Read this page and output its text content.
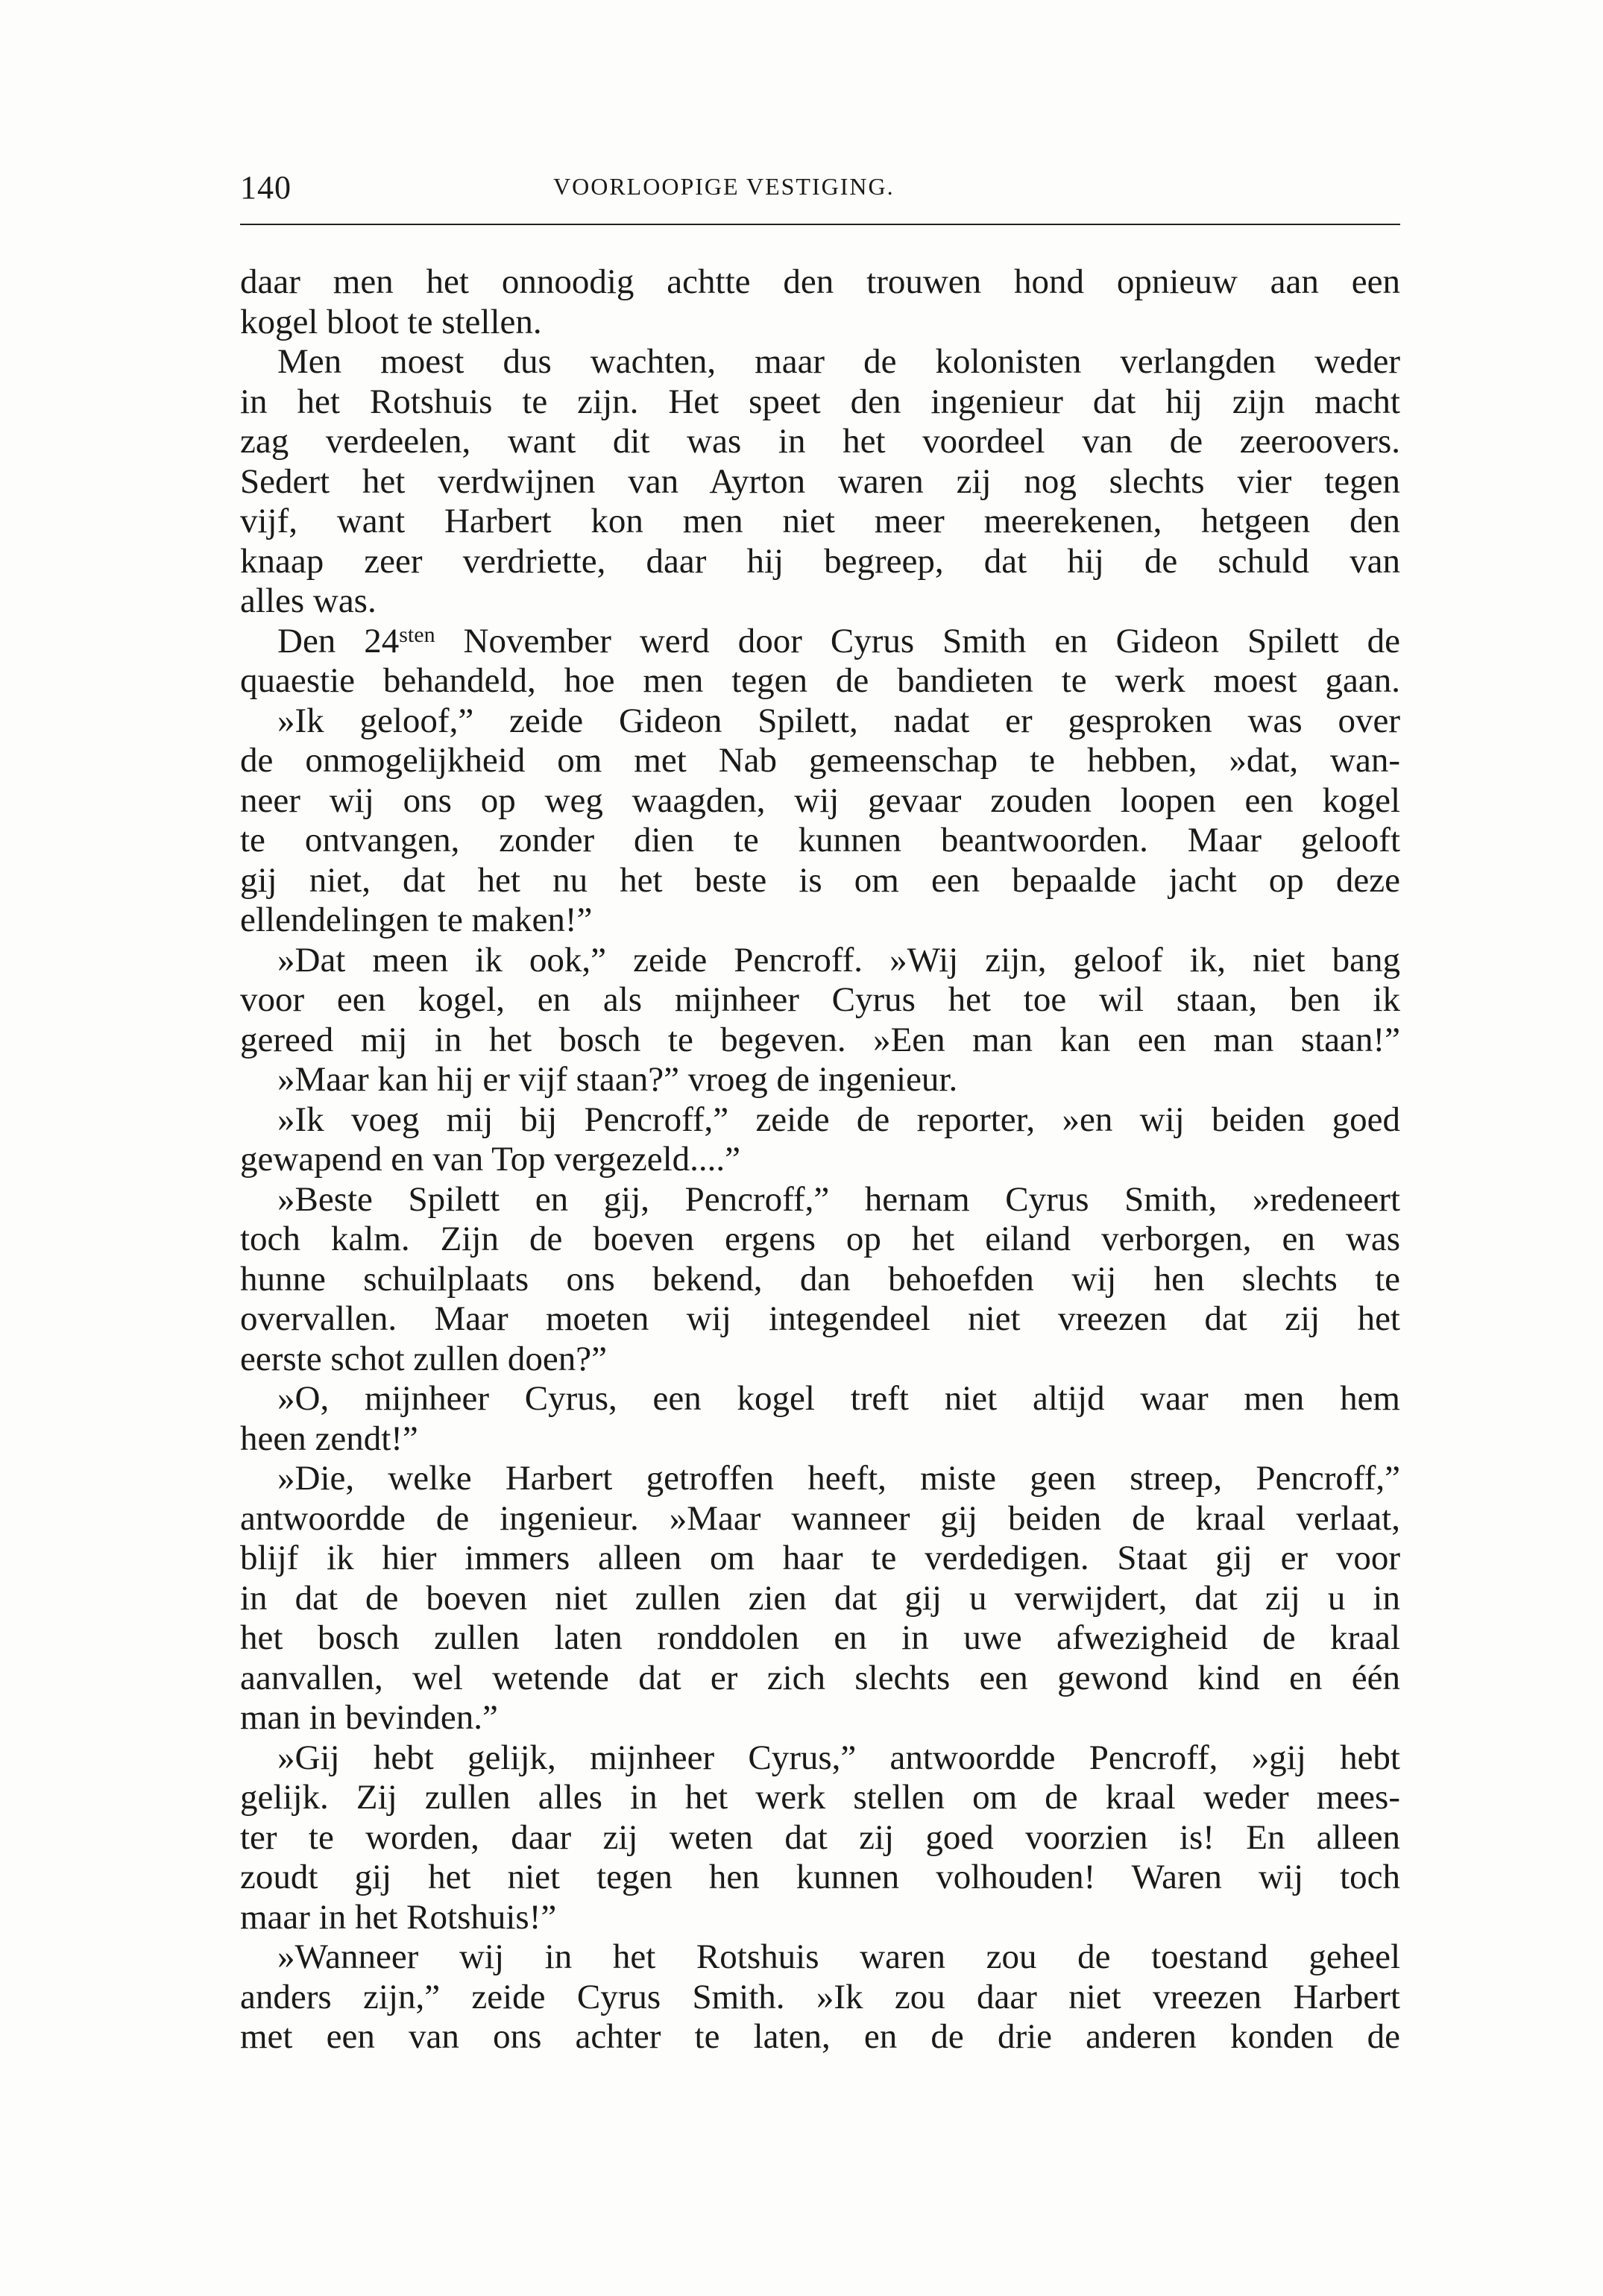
140	VOORLOOPIGE VESTIGING.
daar men het onnoodig achtte den trouwen hond opnieuw aan een
kogel bloot te stellen.
Men moest dus wachten, maar de kolonisten verlangden weder
in het Rotshuis te zijn. Het speet den ingenieur dat hij zijn macht
zag verdeelen, want dit was in het voordeel van de zeeroovers.
Sedert het verdwijnen van Ayrton waren zij nog slechts vier tegen
vijf, want Harbert kon men niet meer meerekenen, hetgeen den
knaap zeer verdriette, daar hij begreep, dat hij de schuld van
alles was.
Den $24^{sten}$ November werd door Cyrus Smith en Gideon Spilett de
quaestie behandeld, hoe men tegen de bandieten te werk moest gaan.
»Ik geloof,” zeide Gideon Spilett, nadat er gesproken was over
de onmogelijkheid om met Nab gemeenschap te hebben, »dat, wan-
neer wij ons op weg waagden, wij gevaar zouden loopen een kogel
te ontvangen, zonder dien te kunnen beantwoorden. Maar gelooft
gij niet, dat het nu het beste is om een bepaalde jacht op deze
ellendelingen te maken!”
»Dat meen ik ook,” zeide Pencroff. »Wij zijn, geloof ik, niet bang
voor een kogel, en als mijnheer Cyrus het toe wil staan, ben ik
gereed mij in het bosch te begeven. »Een man kan een man staan!”
»Maar kan hij er vijf staan?” vroeg de ingenieur.
»Ik voeg mij bij Pencroff,” zeide de reporter, »en wij beiden goed
gewapend en van Top vergezeld....”
»Beste Spilett en gij, Pencroff,” hernam Cyrus Smith, »redeneert
toch kalm. Zijn de boeven ergens op het eiland verborgen, en was
hunne schuilplaats ons bekend, dan behoefden wij hen slechts te
overvallen. Maar moeten wij integendeel niet vreezen dat zij het
eerste schot zullen doen?”
»O, mijnheer Cyrus, een kogel treft niet altijd waar men hem
heen zendt!”
»Die, welke Harbert getroffen heeft, miste geen streep, Pencroff,”
antwoordde de ingenieur. »Maar wanneer gij beiden de kraal verlaat,
blijf ik hier immers alleen om haar te verdedigen. Staat gij er voor
in dat de boeven niet zullen zien dat gij u verwijdert, dat zij u in
het bosch zullen laten ronddolen en in uwe afwezigheid de kraal
aanvallen, wel wetende dat er zich slechts een gewond kind en één
man in bevinden.”
»Gij hebt gelijk, mijnheer Cyrus,” antwoordde Pencroff, »gij hebt
gelijk. Zij zullen alles in het werk stellen om de kraal weder mees-
ter te worden, daar zij weten dat zij goed voorzien is! En alleen
zoudt gij het niet tegen hen kunnen volhouden! Waren wij toch
maar in het Rotshuis!”
»Wanneer wij in het Rotshuis waren zou de toestand geheel
anders zijn,” zeide Cyrus Smith. »Ik zou daar niet vreezen Harbert
met een van ons achter te laten, en de drie anderen konden de
